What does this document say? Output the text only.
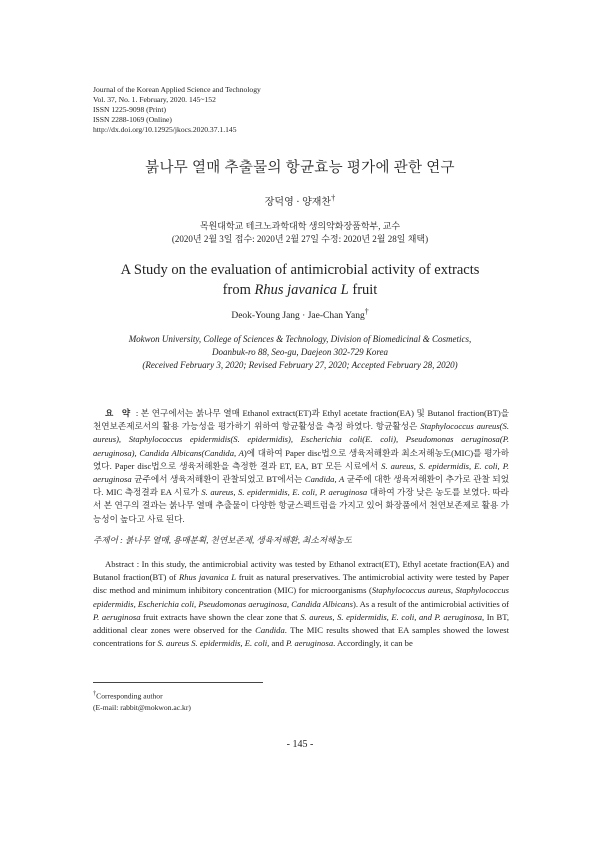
Journal of the Korean Applied Science and Technology
Vol. 37, No. 1. February, 2020. 145~152
ISSN 1225-9098 (Print)
ISSN 2288-1069 (Online)
http://dx.doi.org/10.12925/jkocs.2020.37.1.145
붉나무 열매 추출물의 항균효능 평가에 관한 연구
장덕영 · 양재찬†
목원대학교 테크노과학대학 생의약화장품학부, 교수
(2020년 2월 3일 접수: 2020년 2월 27일 수정: 2020년 2월 28일 채택)
A Study on the evaluation of antimicrobial activity of extracts
from Rhus javanica L fruit
Deok-Young Jang · Jae-Chan Yang†
Mokwon University, College of Sciences & Technology, Division of Biomedicinal & Cosmetics,
Doanbuk-ro 88, Seo-gu, Daejeon 302-729 Korea
(Received February 3, 2020; Revised February 27, 2020; Accepted February 28, 2020)
요 약 : 본 연구에서는 붉나무 열매 Ethanol extract(ET)과 Ethyl acetate fraction(EA) 및 Butanol fraction(BT)을 천연보존제로서의 활용 가능성을 평가하기 위하여 항균활성을 측정 하였다. 항균활성은 Staphylococcus aureus(S. aureus), Staphylococcus epidermidis(S. epidermidis), Escherichia coli(E. coli), Pseudomonas aeruginosa(P. aeruginosa), Candida Albicans(Candida, A)에 대하여 Paper disc법으로 생육저해환과 최소저해농도(MIC)를 평가하였다. Paper disc법으로 생육저해환을 측정한 결과 ET, EA, BT 모든 시료에서 S. aureus, S. epidermidis, E. coli, P. aeruginosa 균주에서 생육저해환이 관찰되었고 BT에서는 Candida, A 균주에 대한 생육저해환이 추가로 관찰 되었다. MIC 측정결과 EA 시료가 S. aureus, S. epidermidis, E. coli, P. aeruginosa 대하여 가장 낮은 농도를 보였다. 따라서 본 연구의 결과는 붉나무 열매 추출물이 다양한 항균스펙트럼을 가지고 있어 화장품에서 천연보존제로 활용 가능성이 높다고 사료 된다.
주제어 : 붉나무 열매, 용매분획, 천연보존제, 생육저해환, 최소저해농도
Abstract : In this study, the antimicrobial activity was tested by Ethanol extract(ET), Ethyl acetate fraction(EA) and Butanol fraction(BT) of Rhus javanica L fruit as natural preservatives. The antimicrobial activity were tested by Paper disc method and minimum inhibitory concentration (MIC) for microorganisms (Staphylococcus aureus, Staphylococcus epidermidis, Escherichia coli, Pseudomonas aeruginosa, Candida Albicans). As a result of the antimicrobial activities of P. aeruginosa fruit extracts have shown the clear zone that S. aureus, S. epidermidis, E. coli, and P. aeruginosa, In BT, additional clear zones were observed for the Candida. The MIC results showed that EA samples showed the lowest concentrations for S. aureus S. epidermidis, E. coli, and P. aeruginosa. Accordingly, it can be
†Corresponding author
(E-mail: rabbit@mokwon.ac.kr)
- 145 -
